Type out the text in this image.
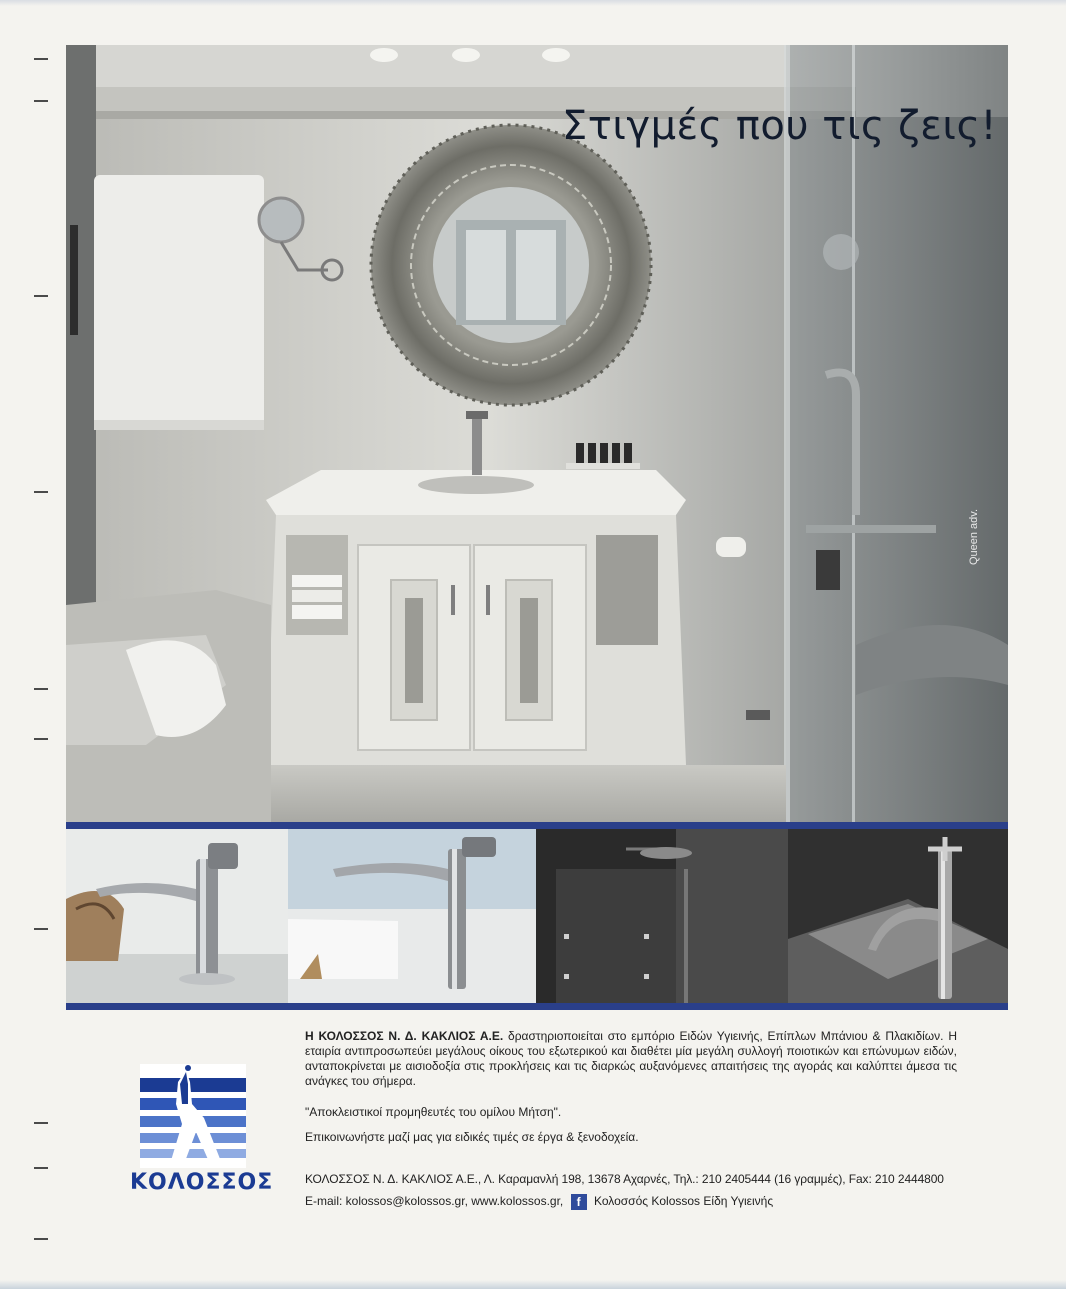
Στιγμές που τις ζεις!
Queen adv.
ΚΟΛΟΣΣΟΣ
Η ΚΟΛΟΣΣΟΣ Ν. Δ. ΚΑΚΛΙΟΣ Α.Ε. δραστηριοποιείται στο εμπόριο Ειδών Υγιεινής, Επίπλων Μπάνιου & Πλακιδίων. Η εταιρία αντιπροσωπεύει μεγάλους οίκους του εξωτερικού και διαθέτει μία μεγάλη συλλογή ποιοτικών και επώνυμων ειδών, ανταποκρίνεται με αισιοδοξία στις προκλήσεις και τις διαρκώς αυξανόμενες απαιτήσεις της αγοράς και καλύπτει άμεσα τις ανάγκες του σήμερα.
"Αποκλειστικοί προμηθευτές του ομίλου Μήτση".
Επικοινωνήστε μαζί μας για ειδικές τιμές σε έργα & ξενοδοχεία.
ΚΟΛΟΣΣΟΣ Ν. Δ. ΚΑΚΛΙΟΣ Α.Ε., Λ. Καραμανλή 198, 13678 Αχαρνές, Τηλ.: 210 2405444 (16 γραμμές), Fax: 210 2444800
E-mail: kolossos@kolossos.gr, www.kolossos.gr, f Κολοσσός Kolossos Είδη Υγιεινής
